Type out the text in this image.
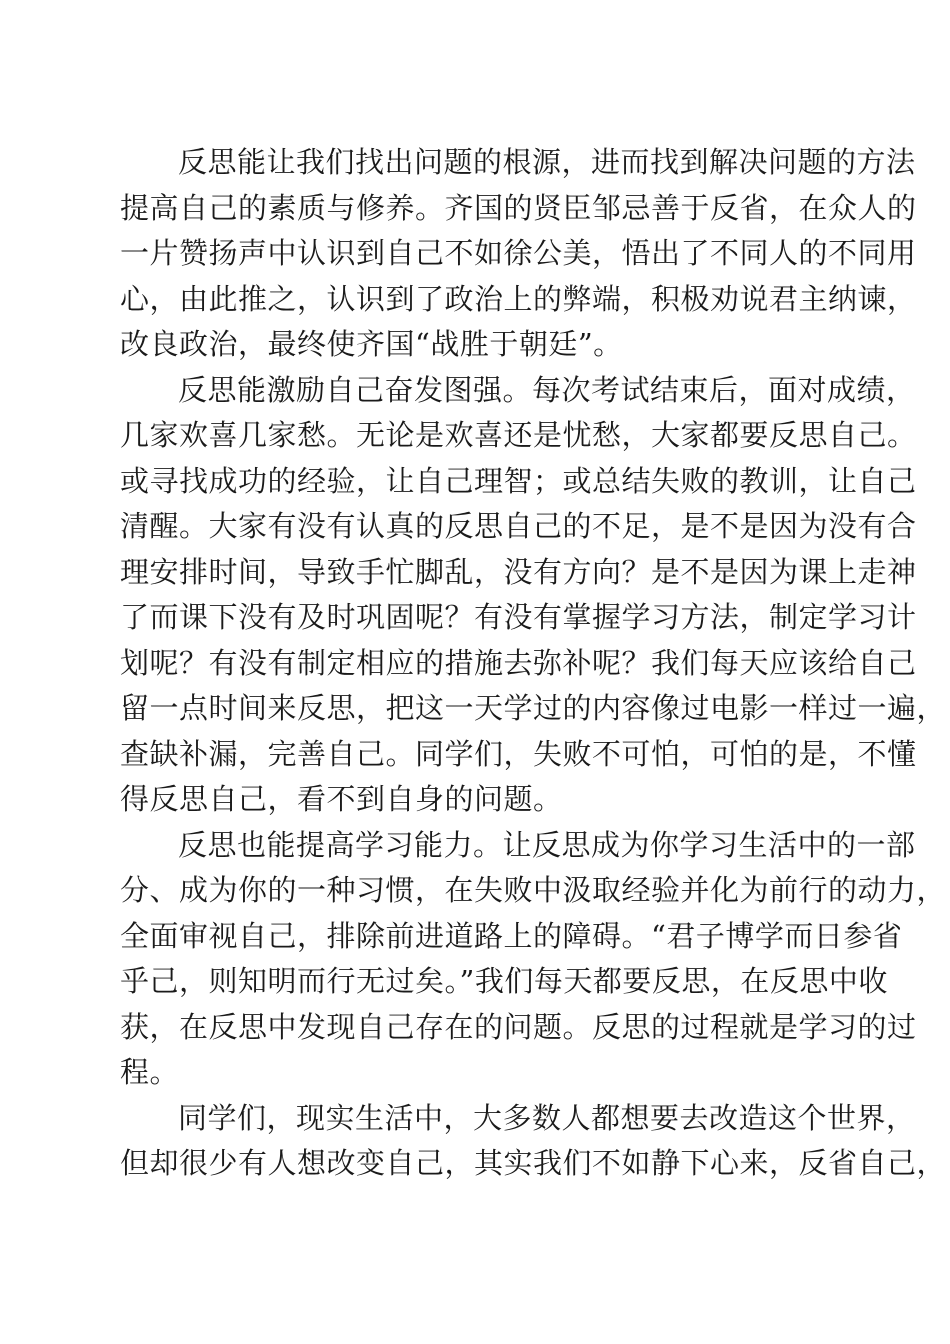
反思能让我们找出问题的根源，进而找到解决问题的方法
提高自己的素质与修养。齐国的贤臣邹忌善于反省，在众人的
一片赞扬声中认识到自己不如徐公美，悟出了不同人的不同用
心，由此推之，认识到了政治上的弊端，积极劝说君主纳谏，
改良政治，最终使齐国“战胜于朝廷”。
反思能激励自己奋发图强。每次考试结束后，面对成绩，
几家欢喜几家愁。无论是欢喜还是忧愁，大家都要反思自己。
或寻找成功的经验，让自己理智；或总结失败的教训，让自己
清醒。大家有没有认真的反思自己的不足，是不是因为没有合
理安排时间，导致手忙脚乱，没有方向？是不是因为课上走神
了而课下没有及时巩固呢？有没有掌握学习方法，制定学习计
划呢？有没有制定相应的措施去弥补呢？我们每天应该给自己
留一点时间来反思，把这一天学过的内容像过电影一样过一遍，
查缺补漏，完善自己。同学们，失败不可怕，可怕的是，不懂
得反思自己，看不到自身的问题。
反思也能提高学习能力。让反思成为你学习生活中的一部
分、成为你的一种习惯，在失败中汲取经验并化为前行的动力，
全面审视自己，排除前进道路上的障碍。“君子博学而日参省
乎己，则知明而行无过矣。”我们每天都要反思，在反思中收
获，在反思中发现自己存在的问题。反思的过程就是学习的过
程。
同学们，现实生活中，大多数人都想要去改造这个世界，
但却很少有人想改变自己，其实我们不如静下心来，反省自己，
